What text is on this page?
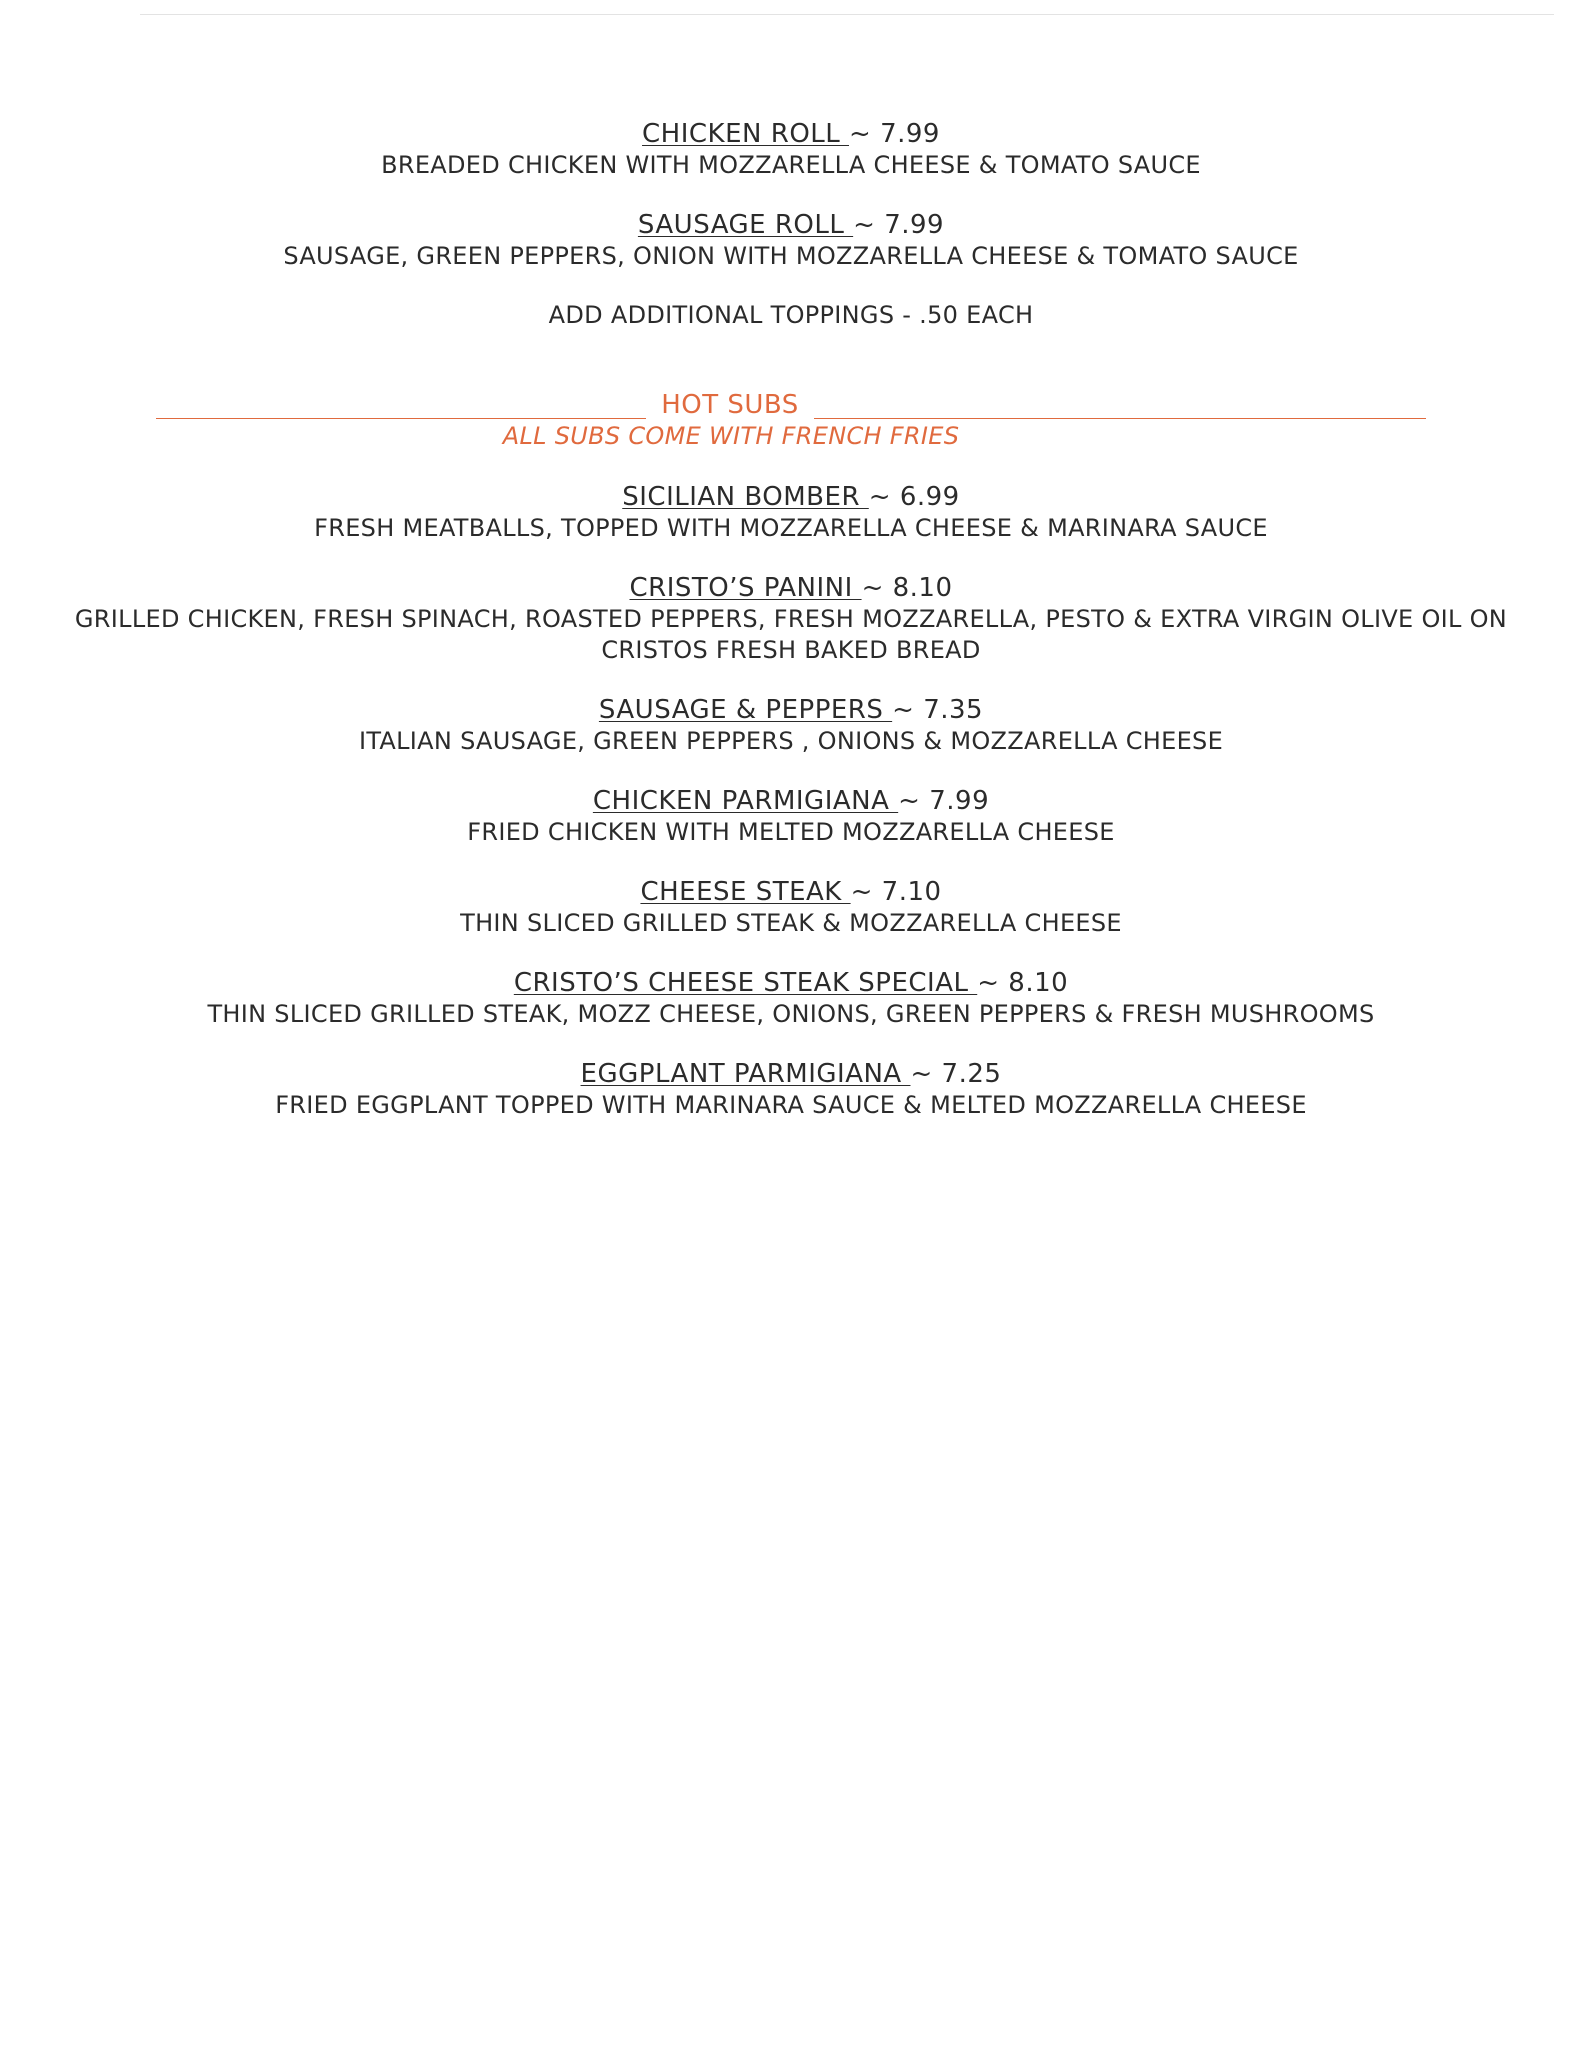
CHICKEN ROLL ~ 7.99
BREADED CHICKEN WITH MOZZARELLA CHEESE & TOMATO SAUCE
SAUSAGE ROLL ~ 7.99
SAUSAGE, GREEN PEPPERS, ONION WITH MOZZARELLA CHEESE & TOMATO SAUCE
ADD ADDITIONAL TOPPINGS - .50 EACH
HOT SUBS
ALL SUBS COME WITH FRENCH FRIES
SICILIAN BOMBER ~ 6.99
FRESH MEATBALLS, TOPPED WITH MOZZARELLA CHEESE & MARINARA SAUCE
CRISTO’S PANINI ~ 8.10
GRILLED CHICKEN, FRESH SPINACH, ROASTED PEPPERS, FRESH MOZZARELLA, PESTO & EXTRA VIRGIN OLIVE OIL ON CRISTOS FRESH BAKED BREAD
SAUSAGE & PEPPERS ~ 7.35
ITALIAN SAUSAGE, GREEN PEPPERS , ONIONS & MOZZARELLA CHEESE
CHICKEN PARMIGIANA ~ 7.99
FRIED CHICKEN WITH MELTED MOZZARELLA CHEESE
CHEESE STEAK ~ 7.10
THIN SLICED GRILLED STEAK & MOZZARELLA CHEESE
CRISTO’S CHEESE STEAK SPECIAL ~ 8.10
THIN SLICED GRILLED STEAK, MOZZ CHEESE, ONIONS, GREEN PEPPERS & FRESH MUSHROOMS
EGGPLANT PARMIGIANA ~ 7.25
FRIED EGGPLANT TOPPED WITH MARINARA SAUCE & MELTED MOZZARELLA CHEESE
